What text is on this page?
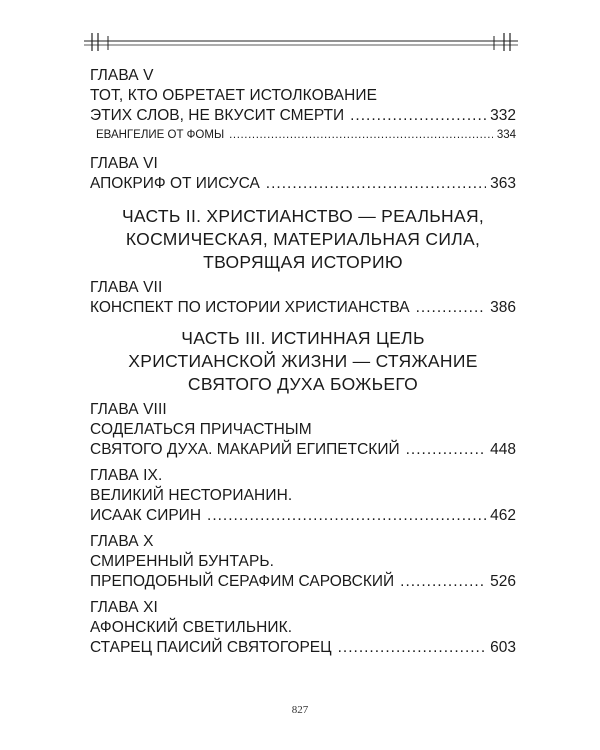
ГЛАВА V
ТОТ, КТО ОБРЕТАЕТ ИСТОЛКОВАНИЕ
ЭТИХ СЛОВ, НЕ ВКУСИТ СМЕРТИ .....	332
ЕВАНГЕЛИЕ ОТ ФОМЫ .....	334
ГЛАВА VI
АПОКРИФ ОТ ИИСУСА .....	363
ЧАСТЬ II. ХРИСТИАНСТВО — РЕАЛЬНАЯ,
КОСМИЧЕСКАЯ, МАТЕРИАЛЬНАЯ СИЛА,
ТВОРЯЩАЯ ИСТОРИЮ
ГЛАВА VII
КОНСПЕКТ ПО ИСТОРИИ ХРИСТИАНСТВА .....	386
ЧАСТЬ III. ИСТИННАЯ ЦЕЛЬ
ХРИСТИАНСКОЙ ЖИЗНИ — СТЯЖАНИЕ
СВЯТОГО ДУХА БОЖЬЕГО
ГЛАВА VIII
СОДЕЛАТЬСЯ ПРИЧАСТНЫМ
СВЯТОГО ДУХА. МАКАРИЙ ЕГИПЕТСКИЙ .....	448
ГЛАВА IX.
ВЕЛИКИЙ НЕСТОРИАНИН.
ИСААК СИРИН .....	462
ГЛАВА X
СМИРЕННЫЙ БУНТАРЬ.
ПРЕПОДОБНЫЙ СЕРАФИМ САРОВСКИЙ .....	526
ГЛАВА XI
АФОНСКИЙ СВЕТИЛЬНИК.
СТАРЕЦ ПАИСИЙ СВЯТОГОРЕЦ .....	603
827
